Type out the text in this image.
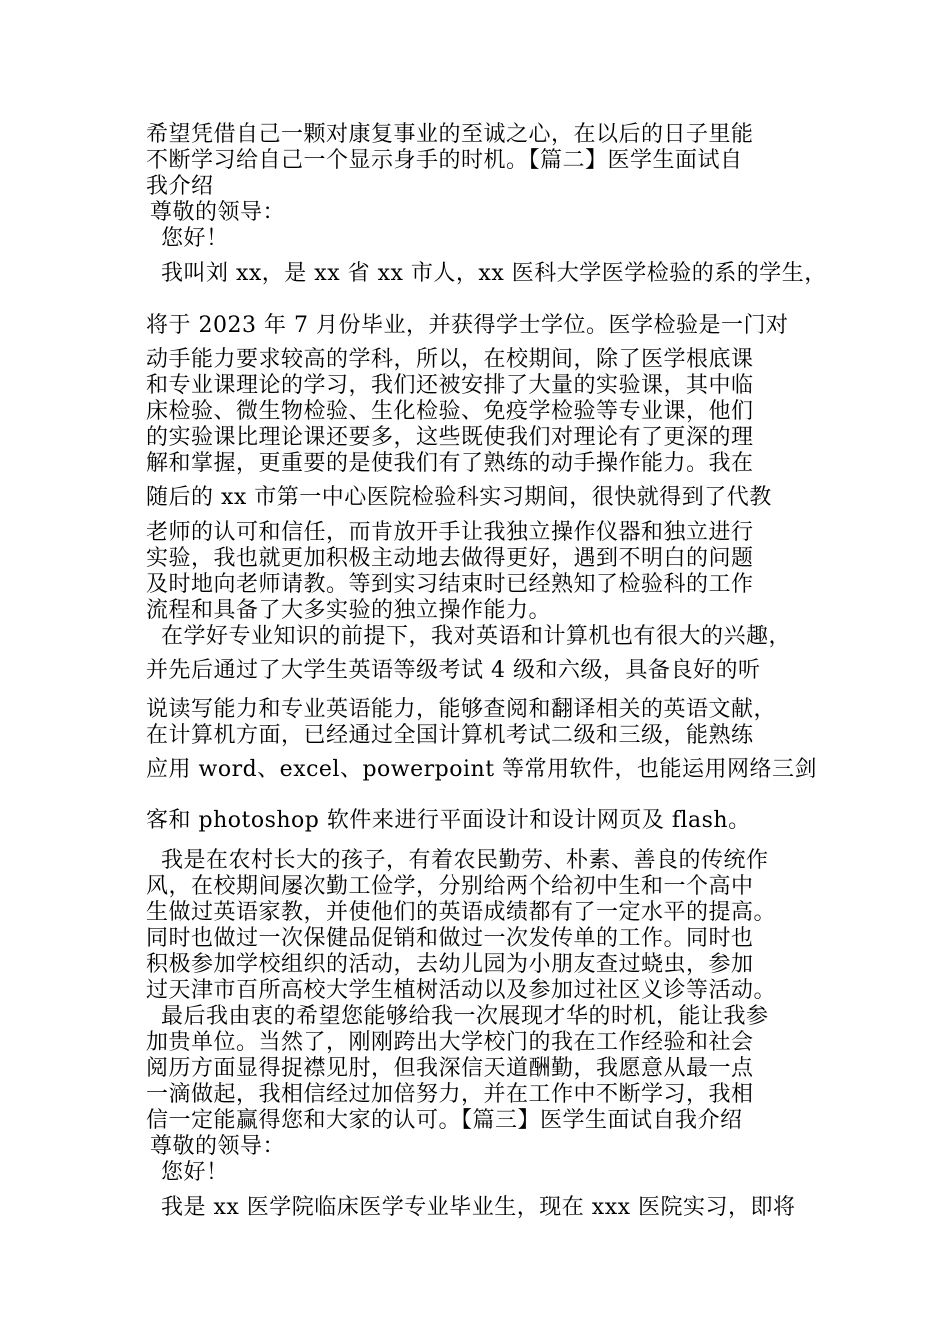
希望凭借自己一颗对康复事业的至诚之心，在以后的日子里能
不断学习给自己一个显示身手的时机。【篇二】医学生面试自
我介绍
尊敬的领导：
您好！
我叫刘 xx，是 xx 省 xx 市人，xx 医科大学医学检验的系的学生，
将于 2023 年 7 月份毕业，并获得学士学位。医学检验是一门对
动手能力要求较高的学科，所以，在校期间，除了医学根底课
和专业课理论的学习，我们还被安排了大量的实验课，其中临
床检验、微生物检验、生化检验、免疫学检验等专业课，他们
的实验课比理论课还要多，这些既使我们对理论有了更深的理
解和掌握，更重要的是使我们有了熟练的动手操作能力。我在
随后的 xx 市第一中心医院检验科实习期间，很快就得到了代教
老师的认可和信任，而肯放开手让我独立操作仪器和独立进行
实验，我也就更加积极主动地去做得更好，遇到不明白的问题
及时地向老师请教。等到实习结束时已经熟知了检验科的工作
流程和具备了大多实验的独立操作能力。
在学好专业知识的前提下，我对英语和计算机也有很大的兴趣，
并先后通过了大学生英语等级考试 4 级和六级，具备良好的听
说读写能力和专业英语能力，能够查阅和翻译相关的英语文献，
在计算机方面，已经通过全国计算机考试二级和三级，能熟练
应用 word、excel、powerpoint 等常用软件，也能运用网络三剑
客和 photoshop 软件来进行平面设计和设计网页及 flash。
我是在农村长大的孩子，有着农民勤劳、朴素、善良的传统作
风，在校期间屡次勤工俭学，分别给两个给初中生和一个高中
生做过英语家教，并使他们的英语成绩都有了一定水平的提高。
同时也做过一次保健品促销和做过一次发传单的工作。同时也
积极参加学校组织的活动，去幼儿园为小朋友查过蛲虫，参加
过天津市百所高校大学生植树活动以及参加过社区义诊等活动。
最后我由衷的希望您能够给我一次展现才华的时机，能让我参
加贵单位。当然了，刚刚跨出大学校门的我在工作经验和社会
阅历方面显得捉襟见肘，但我深信天道酬勤，我愿意从最一点
一滴做起，我相信经过加倍努力，并在工作中不断学习，我相
信一定能赢得您和大家的认可。【篇三】医学生面试自我介绍
尊敬的领导：
您好！
我是 xx 医学院临床医学专业毕业生，现在 xxx 医院实习，即将
